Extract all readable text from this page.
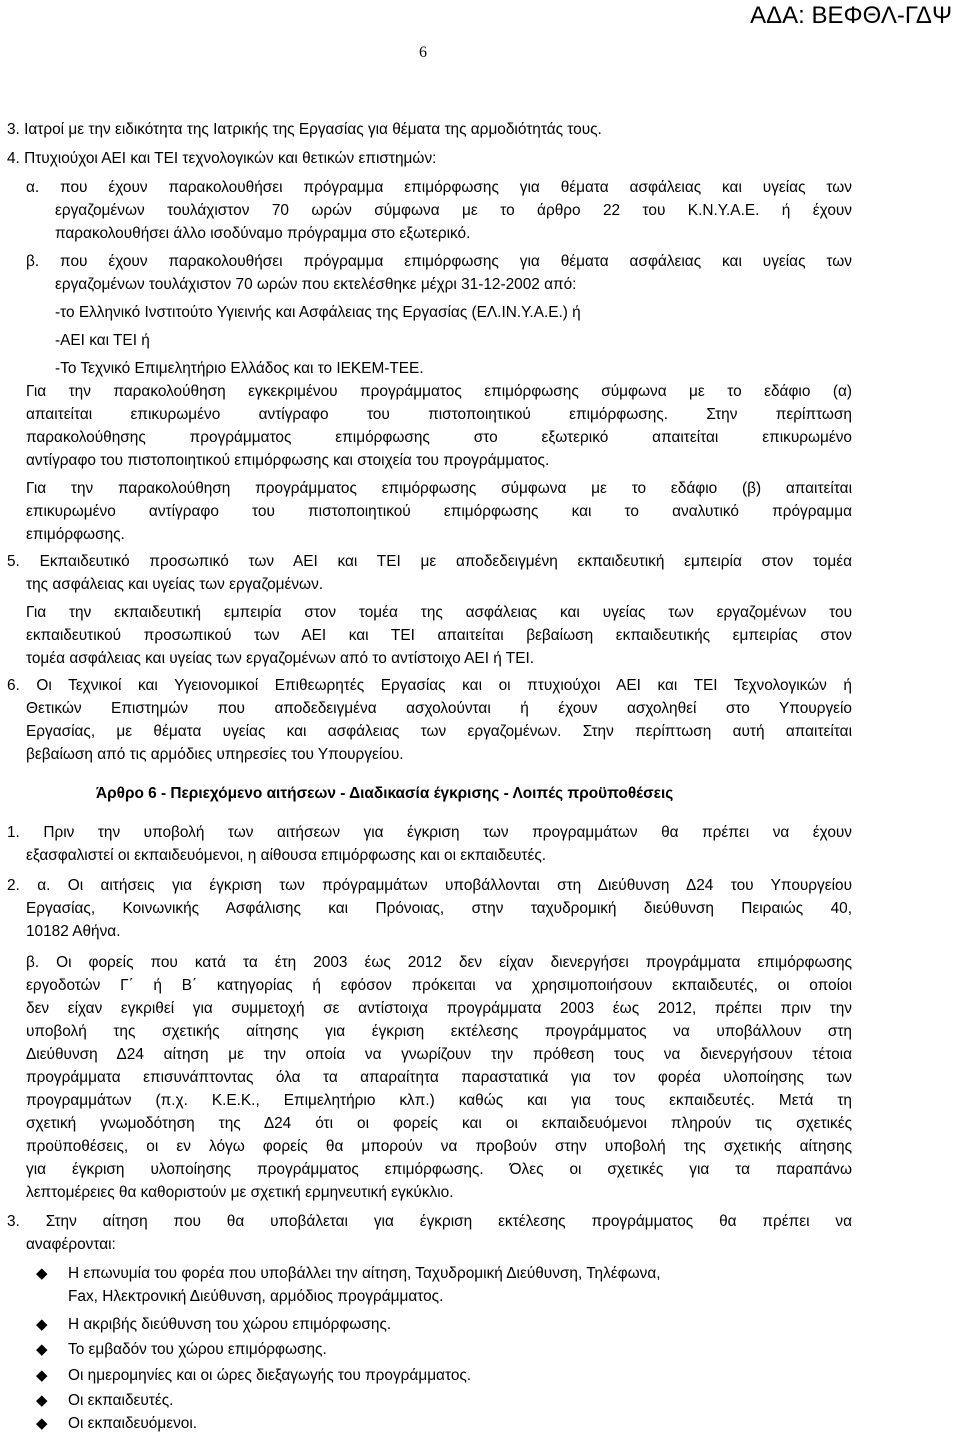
ΑΔΑ: ΒΕΦΘΛ-ΓΔΨ
6
3. Ιατροί με την ειδικότητα της Ιατρικής της Εργασίας για θέματα της αρμοδιότητάς τους.
4. Πτυχιούχοι ΑΕΙ και ΤΕΙ τεχνολογικών και θετικών επιστημών:
α. που έχουν παρακολουθήσει πρόγραμμα επιμόρφωσης για θέματα ασφάλειας και υγείας των
εργαζομένων τουλάχιστον 70 ωρών σύμφωνα με το άρθρο 22 του Κ.Ν.Υ.Α.Ε. ή έχουν
παρακολουθήσει άλλο ισοδύναμο πρόγραμμα στο εξωτερικό.
β. που έχουν παρακολουθήσει πρόγραμμα επιμόρφωσης για θέματα ασφάλειας και υγείας των
εργαζομένων τουλάχιστον 70 ωρών που εκτελέσθηκε μέχρι 31-12-2002 από:
-το Ελληνικό Ινστιτούτο Υγιεινής και Ασφάλειας της Εργασίας (ΕΛ.ΙΝ.Υ.Α.Ε.) ή
-ΑΕΙ και ΤΕΙ ή
-Το Τεχνικό Επιμελητήριο Ελλάδος και το ΙΕΚΕΜ-ΤΕΕ.
Για την παρακολούθηση εγκεκριμένου προγράμματος επιμόρφωσης σύμφωνα με το εδάφιο (α)
απαιτείται επικυρωμένο αντίγραφο του πιστοποιητικού επιμόρφωσης. Στην περίπτωση
παρακολούθησης προγράμματος επιμόρφωσης στο εξωτερικό απαιτείται επικυρωμένο
αντίγραφο του πιστοποιητικού επιμόρφωσης και στοιχεία του προγράμματος.
Για την παρακολούθηση προγράμματος επιμόρφωσης σύμφωνα με το εδάφιο (β) απαιτείται
επικυρωμένο αντίγραφο του πιστοποιητικού επιμόρφωσης και το αναλυτικό πρόγραμμα
επιμόρφωσης.
5. Εκπαιδευτικό προσωπικό των ΑΕΙ και ΤΕΙ με αποδεδειγμένη εκπαιδευτική εμπειρία στον τομέα
της ασφάλειας και υγείας των εργαζομένων.
Για την εκπαιδευτική εμπειρία στον τομέα της ασφάλειας και υγείας των εργαζομένων του
εκπαιδευτικού προσωπικού των ΑΕΙ και ΤΕΙ απαιτείται βεβαίωση εκπαιδευτικής εμπειρίας στον
τομέα ασφάλειας και υγείας των εργαζομένων από το αντίστοιχο ΑΕΙ ή ΤΕΙ.
6. Οι Τεχνικοί και Υγειονομικοί Επιθεωρητές Εργασίας και οι πτυχιούχοι ΑΕΙ και ΤΕΙ Τεχνολογικών ή
Θετικών Επιστημών που αποδεδειγμένα ασχολούνται ή έχουν ασχοληθεί στο Υπουργείο
Εργασίας, με θέματα υγείας και ασφάλειας των εργαζομένων. Στην περίπτωση αυτή απαιτείται
βεβαίωση από τις αρμόδιες υπηρεσίες του Υπουργείου.
Άρθρο 6 - Περιεχόμενο αιτήσεων - Διαδικασία έγκρισης - Λοιπές προϋποθέσεις
1. Πριν την υποβολή των αιτήσεων για έγκριση των προγραμμάτων θα πρέπει να έχουν
εξασφαλιστεί οι εκπαιδευόμενοι, η αίθουσα επιμόρφωσης και οι εκπαιδευτές.
2. α. Οι αιτήσεις για έγκριση των πρόγραμμάτων υποβάλλονται στη Διεύθυνση Δ24 του Υπουργείου
Εργασίας, Κοινωνικής Ασφάλισης και Πρόνοιας, στην ταχυδρομική διεύθυνση Πειραιώς 40,
10182 Αθήνα.
β. Οι φορείς που κατά τα έτη 2003 έως 2012 δεν είχαν διενεργήσει προγράμματα επιμόρφωσης
εργοδοτών Γ΄ ή Β΄ κατηγορίας ή εφόσον πρόκειται να χρησιμοποιήσουν εκπαιδευτές, οι οποίοι
δεν είχαν εγκριθεί για συμμετοχή σε αντίστοιχα προγράμματα 2003 έως 2012, πρέπει πριν την
υποβολή της σχετικής αίτησης για έγκριση εκτέλεσης προγράμματος να υποβάλλουν στη
Διεύθυνση Δ24 αίτηση με την οποία να γνωρίζουν την πρόθεση τους να διενεργήσουν τέτοια
προγράμματα επισυνάπτοντας όλα τα απαραίτητα παραστατικά για τον φορέα υλοποίησης των
προγραμμάτων (π.χ. Κ.Ε.Κ., Επιμελητήριο κλπ.) καθώς και για τους εκπαιδευτές. Μετά τη
σχετική γνωμοδότηση της Δ24 ότι οι φορείς και οι εκπαιδευόμενοι πληρούν τις σχετικές
προϋποθέσεις, οι εν λόγω φορείς θα μπορούν να προβούν στην υποβολή της σχετικής αίτησης
για έγκριση υλοποίησης προγράμματος επιμόρφωσης. Όλες οι σχετικές για τα παραπάνω
λεπτομέρειες θα καθοριστούν με σχετική ερμηνευτική εγκύκλιο.
3. Στην αίτηση που θα υποβάλεται για έγκριση εκτέλεσης προγράμματος θα πρέπει να
αναφέρονται:
◆ Η επωνυμία του φορέα που υποβάλλει την αίτηση, Ταχυδρομική Διεύθυνση, Τηλέφωνα,
Fax, Ηλεκτρονική Διεύθυνση, αρμόδιος προγράμματος.
◆ Η ακριβής διεύθυνση του χώρου επιμόρφωσης.
◆ Το εμβαδόν του χώρου επιμόρφωσης.
◆ Οι ημερομηνίες και οι ώρες διεξαγωγής του προγράμματος.
◆ Οι εκπαιδευτές.
◆ Οι εκπαιδευόμενοι.
